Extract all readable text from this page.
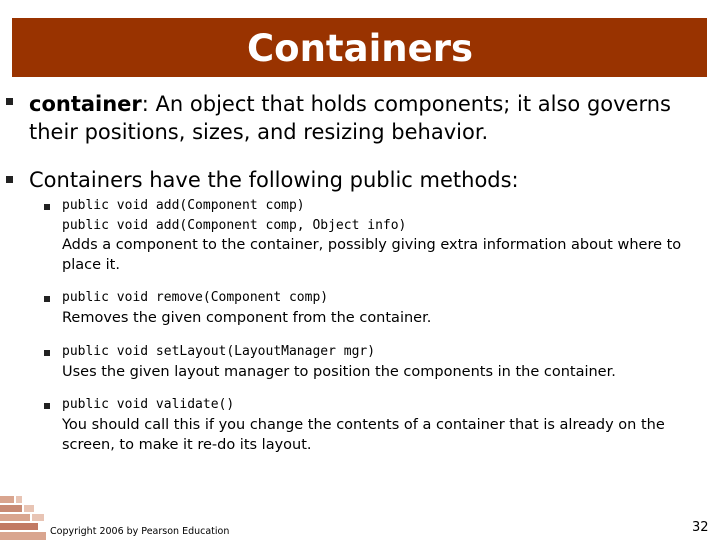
Containers
container: An object that holds components; it also governs their positions, sizes, and resizing behavior.
Containers have the following public methods:
public void add(Component comp)
public void add(Component comp, Object info)
Adds a component to the container, possibly giving extra information about where to place it.
public void remove(Component comp)
Removes the given component from the container.
public void setLayout(LayoutManager mgr)
Uses the given layout manager to position the components in the container.
public void validate()
You should call this if you change the contents of a container that is already on the screen, to make it re-do its layout.
Copyright 2006 by Pearson Education	32
